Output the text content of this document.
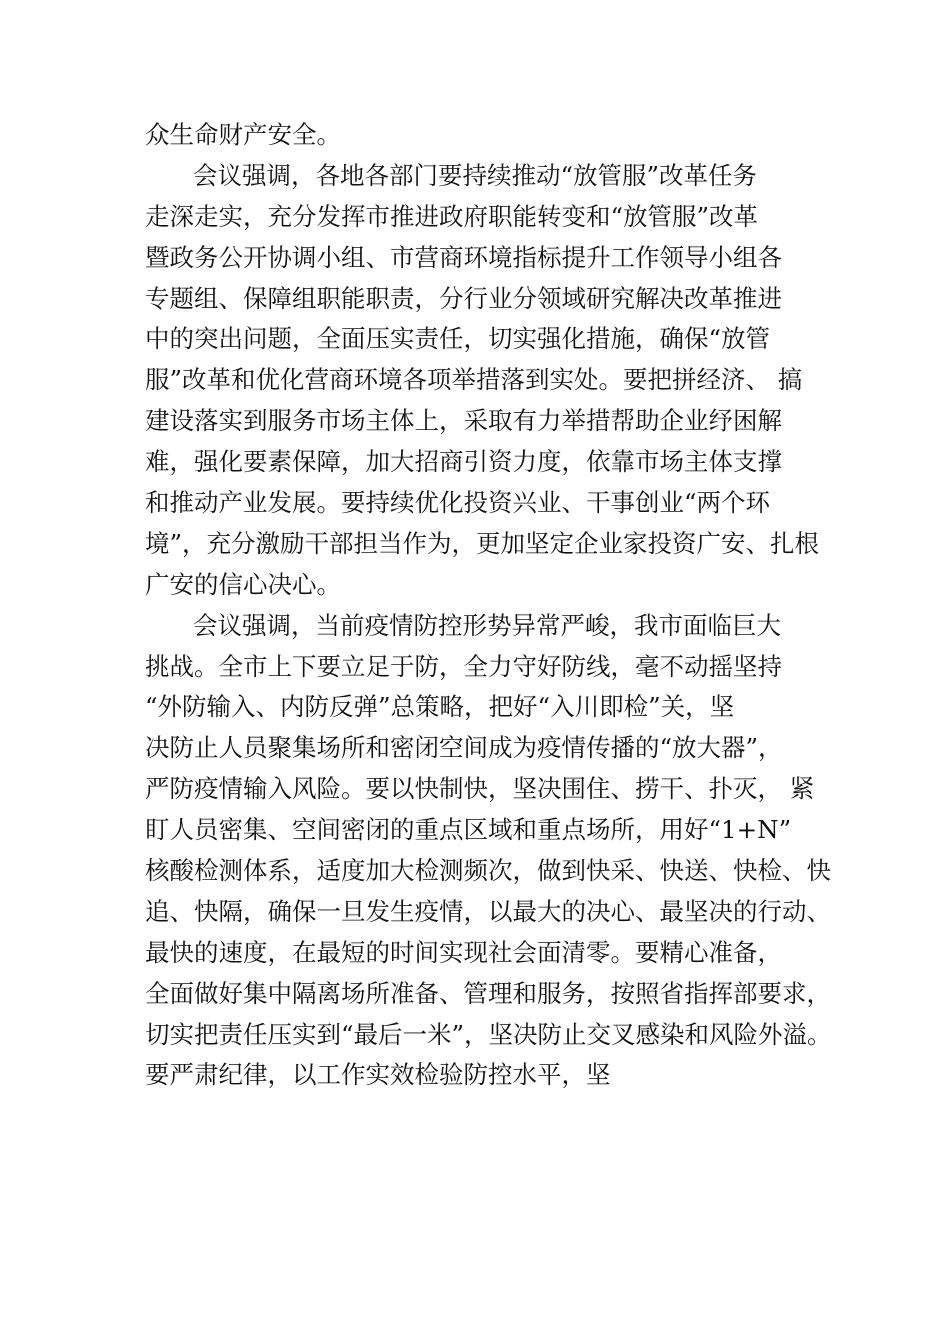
众生命财产安全。
会议强调，各地各部门要持续推动“放管服”改革任务
走深走实，充分发挥市推进政府职能转变和“放管服”改革
暨政务公开协调小组、市营商环境指标提升工作领导小组各
专题组、保障组职能职责，分行业分领域研究解决改革推进
中的突出问题，全面压实责任，切实强化措施，确保“放管
服”改革和优化营商环境各项举措落到实处。要把拼经济、 搞
建设落实到服务市场主体上，采取有力举措帮助企业纾困解
难，强化要素保障，加大招商引资力度，依靠市场主体支撑
和推动产业发展。要持续优化投资兴业、干事创业“两个环
境”，充分激励干部担当作为，更加坚定企业家投资广安、扎根
广安的信心决心。
会议强调，当前疫情防控形势异常严峻，我市面临巨大
挑战。全市上下要立足于防，全力守好防线，毫不动摇坚持
“外防输入、内防反弹”总策略，把好“入川即检”关，坚
决防止人员聚集场所和密闭空间成为疫情传播的“放大器”，
严防疫情输入风险。要以快制快，坚决围住、捞干、扑灭， 紧
盯人员密集、空间密闭的重点区域和重点场所，用好“1+N”
核酸检测体系，适度加大检测频次，做到快采、快送、快检、快
追、快隔，确保一旦发生疫情，以最大的决心、最坚决的行动、
最快的速度，在最短的时间实现社会面清零。要精心准备，
全面做好集中隔离场所准备、管理和服务，按照省指挥部要求，
切实把责任压实到“最后一米”，坚决防止交叉感染和风险外溢。
要严肃纪律，以工作实效检验防控水平，坚
